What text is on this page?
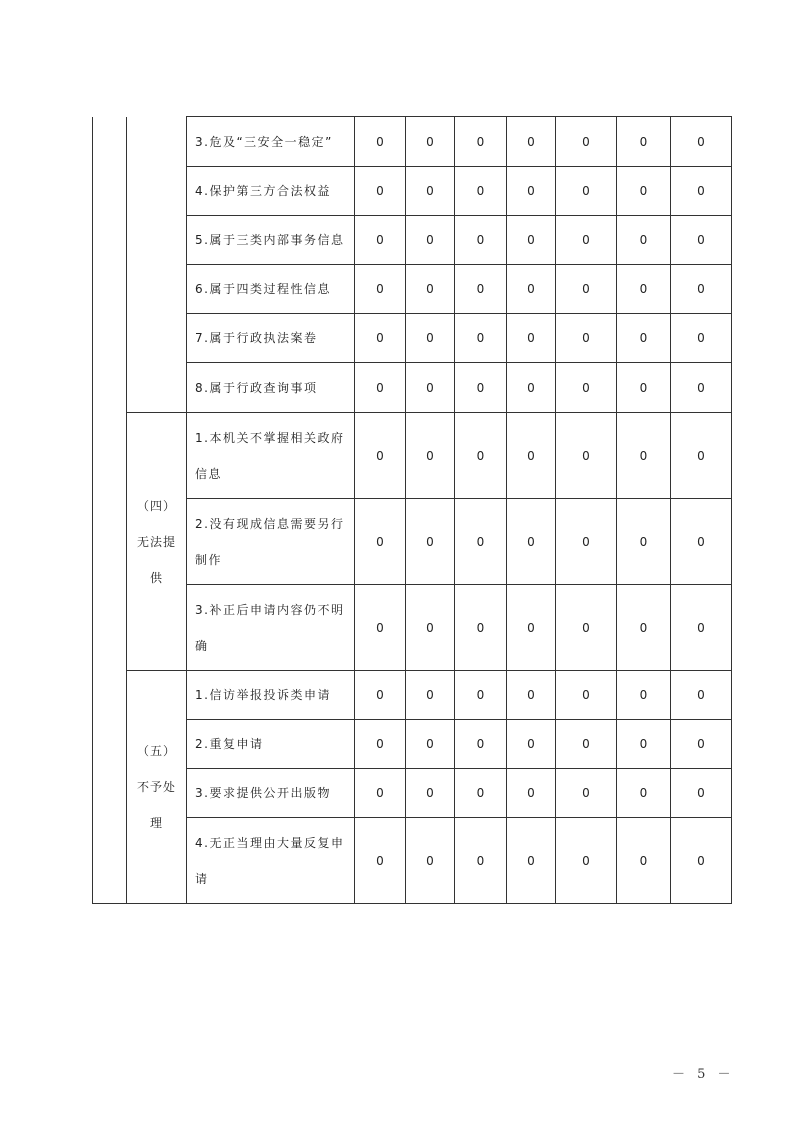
		3.危及“三安全一稳定”	0	0	0	0	0	0	0
		4.保护第三方合法权益	0	0	0	0	0	0	0
		5.属于三类内部事务信息	0	0	0	0	0	0	0
		6.属于四类过程性信息	0	0	0	0	0	0	0
		7.属于行政执法案卷	0	0	0	0	0	0	0
		8.属于行政查询事项	0	0	0	0	0	0	0

	（四）
无法提
供	1.本机关不掌握相关政府信息	0	0	0	0	0	0	0
		2.没有现成信息需要另行制作	0	0	0	0	0	0	0
		3.补正后申请内容仍不明确	0	0	0	0	0	0	0

	（五）
不予处
理	1.信访举报投诉类申请	0	0	0	0	0	0	0
		2.重复申请	0	0	0	0	0	0	0
		3.要求提供公开出版物	0	0	0	0	0	0	0
		4.无正当理由大量反复申请	0	0	0	0	0	0	0
－ 5 －
